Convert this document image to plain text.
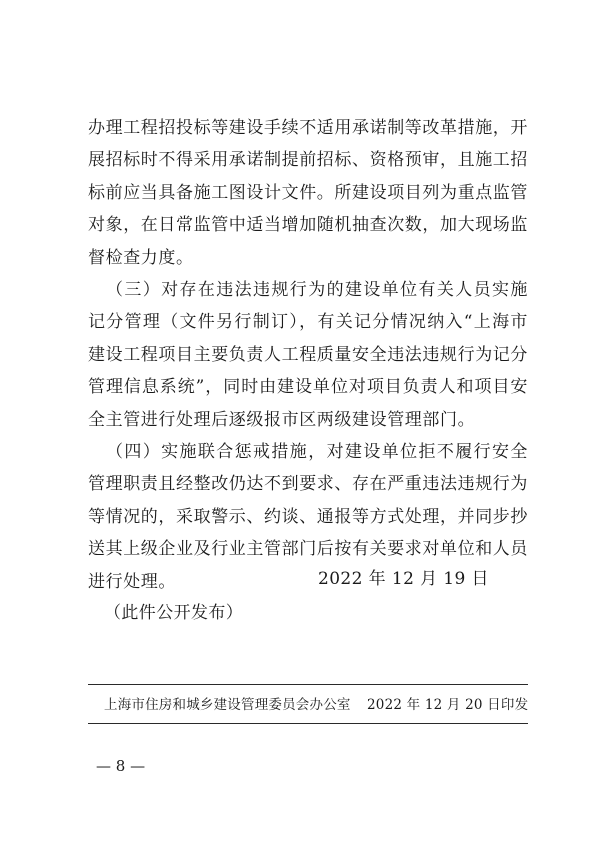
办理工程招投标等建设手续不适用承诺制等改革措施，开展招标时不得采用承诺制提前招标、资格预审，且施工招标前应当具备施工图设计文件。所建设项目列为重点监管对象，在日常监管中适当增加随机抽查次数，加大现场监督检查力度。

（三）对存在违法违规行为的建设单位有关人员实施记分管理（文件另行制订），有关记分情况纳入“上海市建设工程项目主要负责人工程质量安全违法违规行为记分管理信息系统”，同时由建设单位对项目负责人和项目安全主管进行处理后逐级报市区两级建设管理部门。

（四）实施联合惩戒措施，对建设单位拒不履行安全管理职责且经整改仍达不到要求、存在严重违法违规行为等情况的，采取警示、约谈、通报等方式处理，并同步抄送其上级企业及行业主管部门后按有关要求对单位和人员进行处理。	2022 年 12 月 19 日
（此件公开发布）
上海市住房和城乡建设管理委员会办公室 2022 年 12 月 20 日印发
— 8 —
